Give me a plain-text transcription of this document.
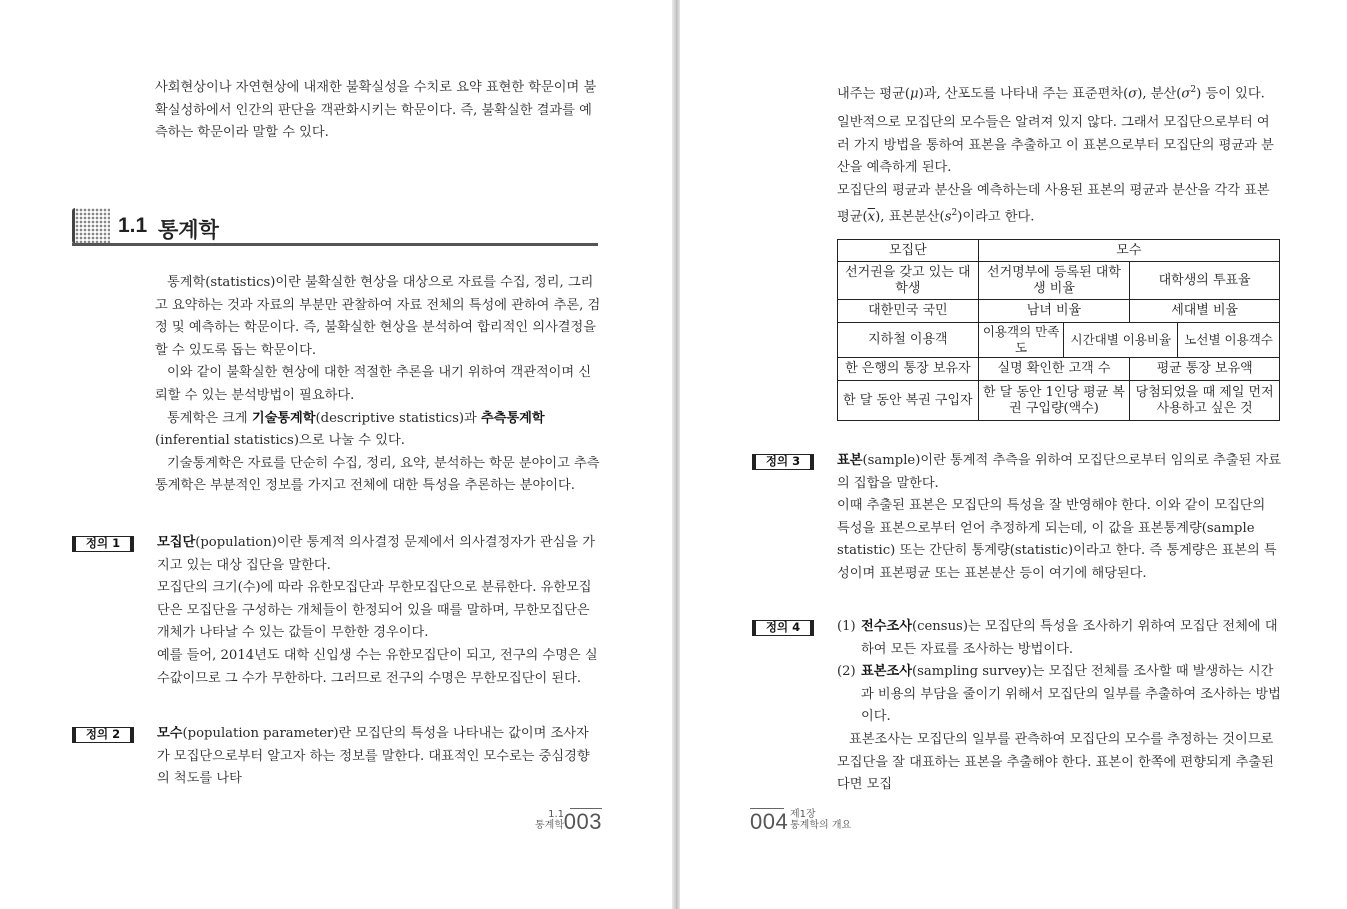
사회현상이나 자연현상에 내재한 불확실성을 수치로 요약 표현한 학문이며 불확실성하에서 인간의 판단을 객관화시키는 학문이다. 즉, 불확실한 결과를 예측하는 학문이라 말할 수 있다.

1.1 통계학

통계학(statistics)이란 불확실한 현상을 대상으로 자료를 수집, 정리, 그리고 요약하는 것과 자료의 부분만 관찰하여 자료 전체의 특성에 관하여 추론, 검정 및 예측하는 학문이다. 즉, 불확실한 현상을 분석하여 합리적인 의사결정을 할 수 있도록 돕는 학문이다.

이와 같이 불확실한 현상에 대한 적절한 추론을 내기 위하여 객관적이며 신뢰할 수 있는 분석방법이 필요하다.

통계학은 크게 기술통계학(descriptive statistics)과 추측통계학(inferential statistics)으로 나눌 수 있다.

기술통계학은 자료를 단순히 수집, 정리, 요약, 분석하는 학문 분야이고 추측통계학은 부분적인 정보를 가지고 전체에 대한 특성을 추론하는 분야이다.

정의 1	모집단(population)이란 통계적 의사결정 문제에서 의사결정자가 관심을 가지고 있는 대상 집단을 말한다.

모집단의 크기(수)에 따라 유한모집단과 무한모집단으로 분류한다. 유한모집단은 모집단을 구성하는 개체들이 한정되어 있을 때를 말하며, 무한모집단은 개체가 나타날 수 있는 값들이 무한한 경우이다.

예를 들어, 2014년도 대학 신입생 수는 유한모집단이 되고, 전구의 수명은 실수값이므로 그 수가 무한하다. 그러므로 전구의 수명은 무한모집단이 된다.

정의 2	모수(population parameter)란 모집단의 특성을 나타내는 값이며 조사자가 모집단으로부터 알고자 하는 정보를 말한다. 대표적인 모수로는 중심경향의 척도를 나타

1.1
통계학 003

내주는 평균(μ)과, 산포도를 나타내 주는 표준편차(σ), 분산$(\sigma^2)$ 등이 있다.

일반적으로 모집단의 모수들은 알려져 있지 않다. 그래서 모집단으로부터 여러 가지 방법을 통하여 표본을 추출하고 이 표본으로부터 모집단의 평균과 분산을 예측하게 된다.

모집단의 평균과 분산을 예측하는데 사용된 표본의 평균과 분산을 각각 표본평균$(\overline{x})$, 표본분산$(s^2)$이라고 한다.

모집단	모수			
선거권을 갖고 있는 대학생	선거명부에 등록된 대학생 비율		대학생의 투표율	
대한민국 국민	남녀 비율		세대별 비율	
지하철 이용객	이용객의 만족도	시간대별 이용비율		노선별 이용객수
한 은행의 통장 보유자	실명 확인한 고객 수		평균 통장 보유액	
한 달 동안 복권 구입자	한 달 동안 1인당 평균 복권 구입량(액수)		당첨되었을 때 제일 먼저 사용하고 싶은 것	
정의 3	표본(sample)이란 통계적 추측을 위하여 모집단으로부터 임의로 추출된 자료의 집합을 말한다.

이때 추출된 표본은 모집단의 특성을 잘 반영해야 한다. 이와 같이 모집단의 특성을 표본으로부터 얻어 추정하게 되는데, 이 값을 표본통계량(sample statistic) 또는 간단히 통계량(statistic)이라고 한다. 즉 통계량은 표본의 특성이며 표본평균 또는 표본분산 등이 여기에 해당된다.

정의 4	(1) 전수조사(census)는 모집단의 특성을 조사하기 위하여 모집단 전체에 대하여 모든 자료를 조사하는 방법이다.

(2) 표본조사(sampling survey)는 모집단 전체를 조사할 때 발생하는 시간과 비용의 부담을 줄이기 위해서 모집단의 일부를 추출하여 조사하는 방법이다.

표본조사는 모집단의 일부를 관측하여 모집단의 모수를 추정하는 것이므로 모집단을 잘 대표하는 표본을 추출해야 한다. 표본이 한쪽에 편향되게 추출된다면 모집

004 제1장
통계학의 개요
